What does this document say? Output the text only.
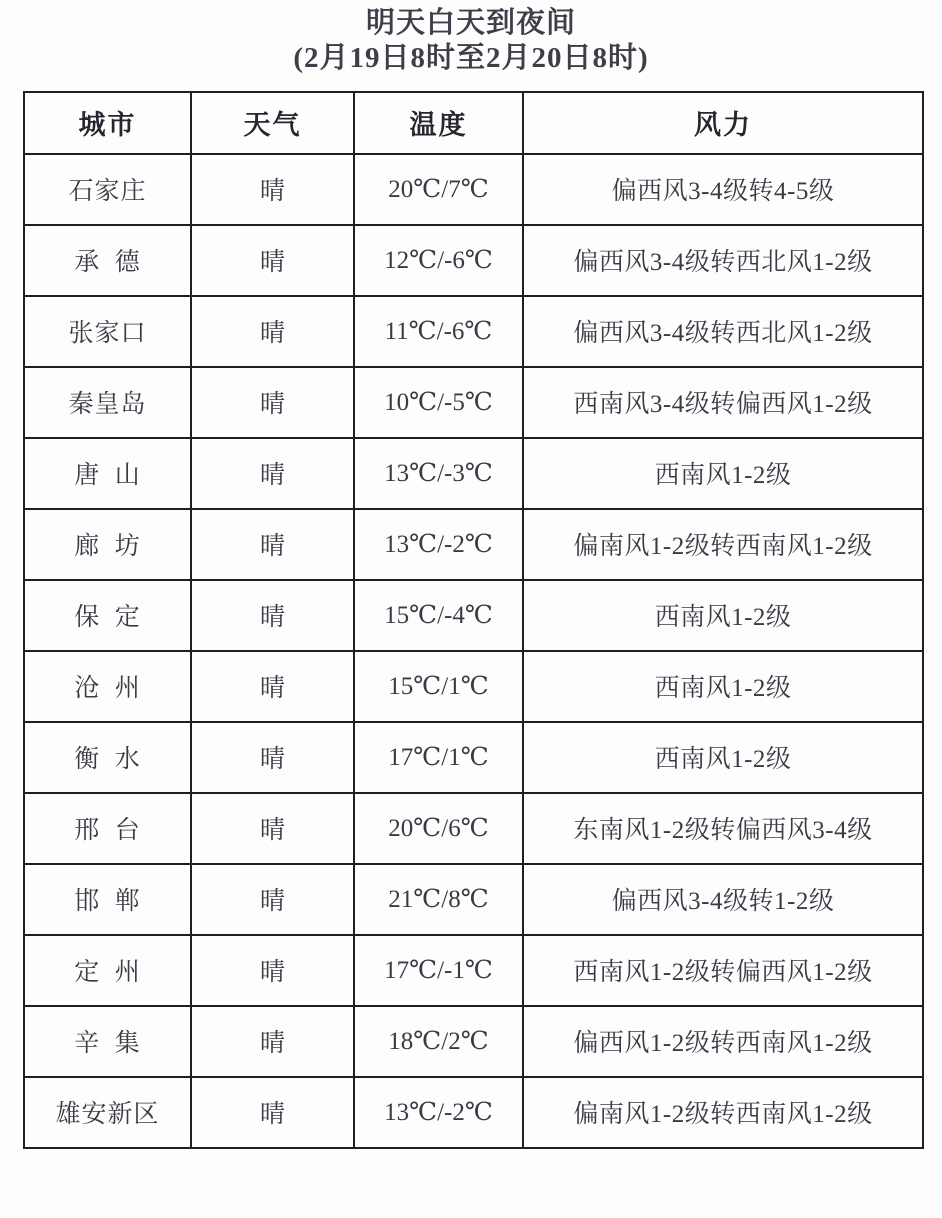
明天白天到夜间
(2月19日8时至2月20日8时)
城市	天气	温度	风力
石家庄	晴	20℃/7℃	偏西风3-4级转4-5级
承  德	晴	12℃/-6℃	偏西风3-4级转西北风1-2级
张家口	晴	11℃/-6℃	偏西风3-4级转西北风1-2级
秦皇岛	晴	10℃/-5℃	西南风3-4级转偏西风1-2级
唐  山	晴	13℃/-3℃	西南风1-2级
廊  坊	晴	13℃/-2℃	偏南风1-2级转西南风1-2级
保  定	晴	15℃/-4℃	西南风1-2级
沧  州	晴	15℃/1℃	西南风1-2级
衡  水	晴	17℃/1℃	西南风1-2级
邢  台	晴	20℃/6℃	东南风1-2级转偏西风3-4级
邯  郸	晴	21℃/8℃	偏西风3-4级转1-2级
定  州	晴	17℃/-1℃	西南风1-2级转偏西风1-2级
辛  集	晴	18℃/2℃	偏西风1-2级转西南风1-2级
雄安新区	晴	13℃/-2℃	偏南风1-2级转西南风1-2级
